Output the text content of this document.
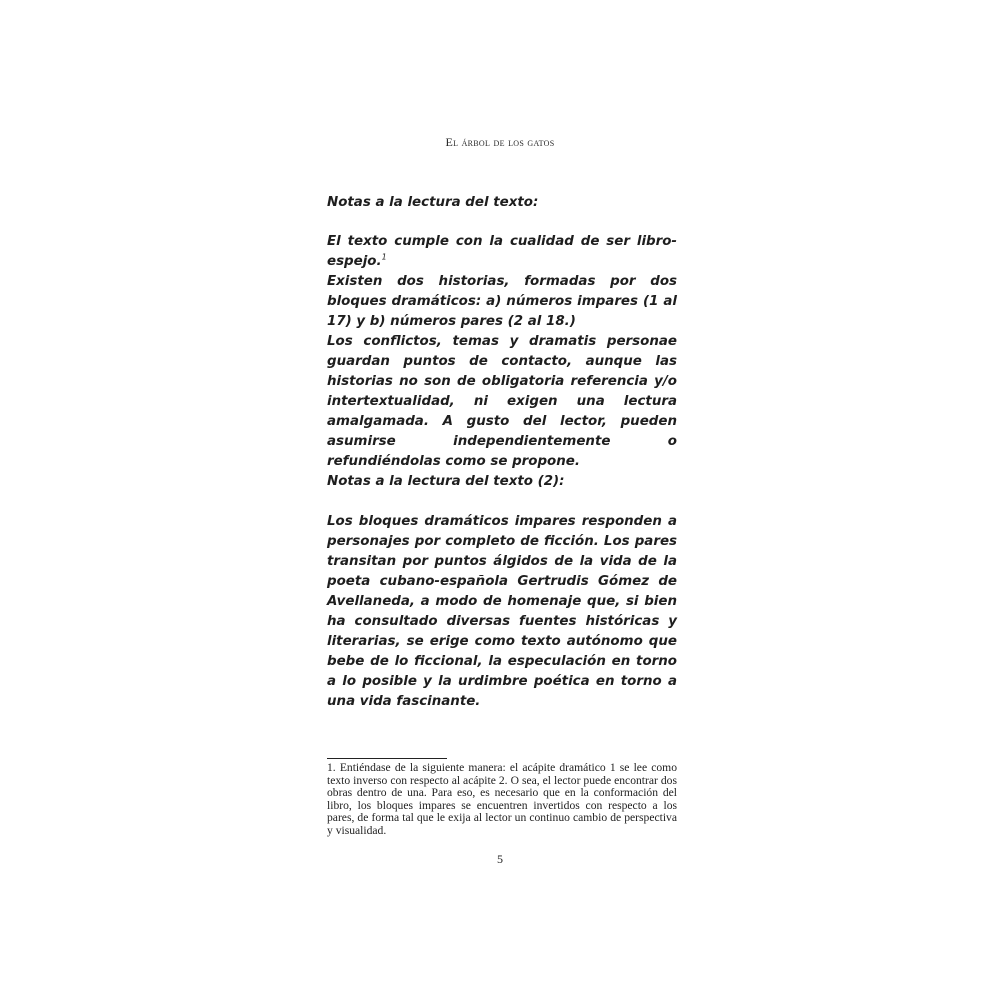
El árbol de los gatos
Notas a la lectura del texto:

El texto cumple con la cualidad de ser libro-espejo.$^1$

Existen dos historias, formadas por dos bloques dramáticos: a) números impares (1 al 17) y b) números pares (2 al 18.)

Los conflictos, temas y dramatis personae guardan puntos de contacto, aunque las historias no son de obligatoria referencia y/o intertextualidad, ni exigen una lectura amalgamada. A gusto del lector, pueden asumirse independientemente o refundiéndolas como se propone.

Notas a la lectura del texto (2):

Los bloques dramáticos impares responden a personajes por completo de ficción. Los pares transitan por puntos álgidos de la vida de la poeta cubano-española Gertrudis Gómez de Avellaneda, a modo de homenaje que, si bien ha consultado diversas fuentes históricas y literarias, se erige como texto autónomo que bebe de lo ficcional, la especulación en torno a lo posible y la urdimbre poética en torno a una vida fascinante.

1. Entiéndase de la siguiente manera: el acápite dramático 1 se lee como texto inverso con respecto al acápite 2. O sea, el lector puede encontrar dos obras dentro de una. Para eso, es necesario que en la conformación del libro, los bloques impares se encuentren invertidos con respecto a los pares, de forma tal que le exija al lector un continuo cambio de perspectiva y visualidad.

5
